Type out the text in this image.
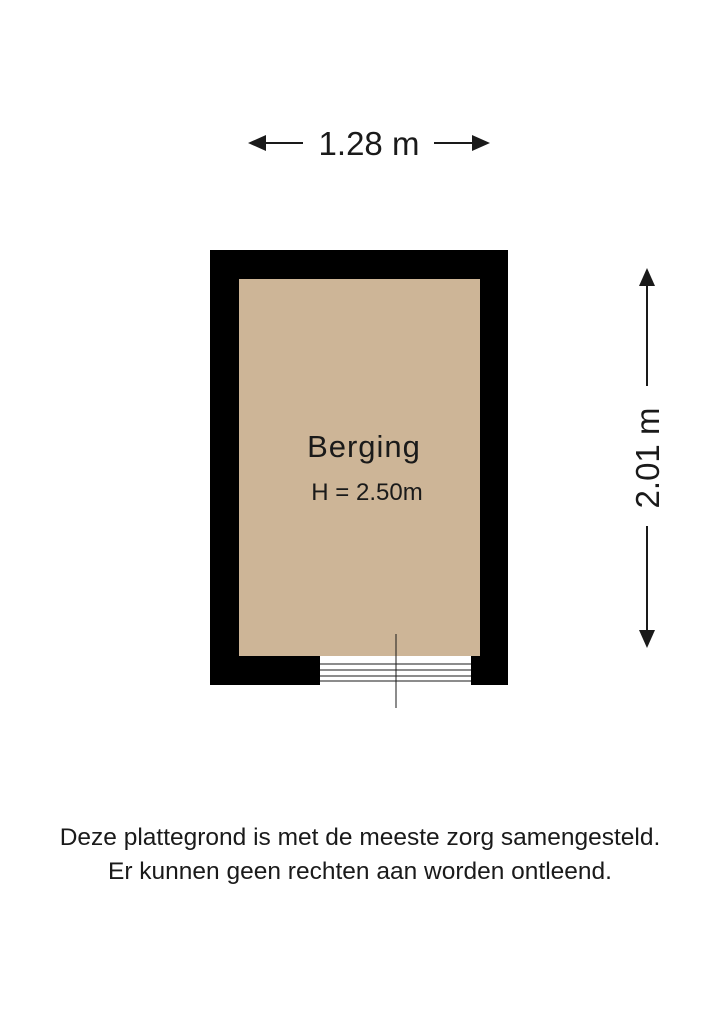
1.28 m
2.01 m
Berging
H = 2.50m
Deze plattegrond is met de meeste zorg samengesteld.
Er kunnen geen rechten aan worden ontleend.
